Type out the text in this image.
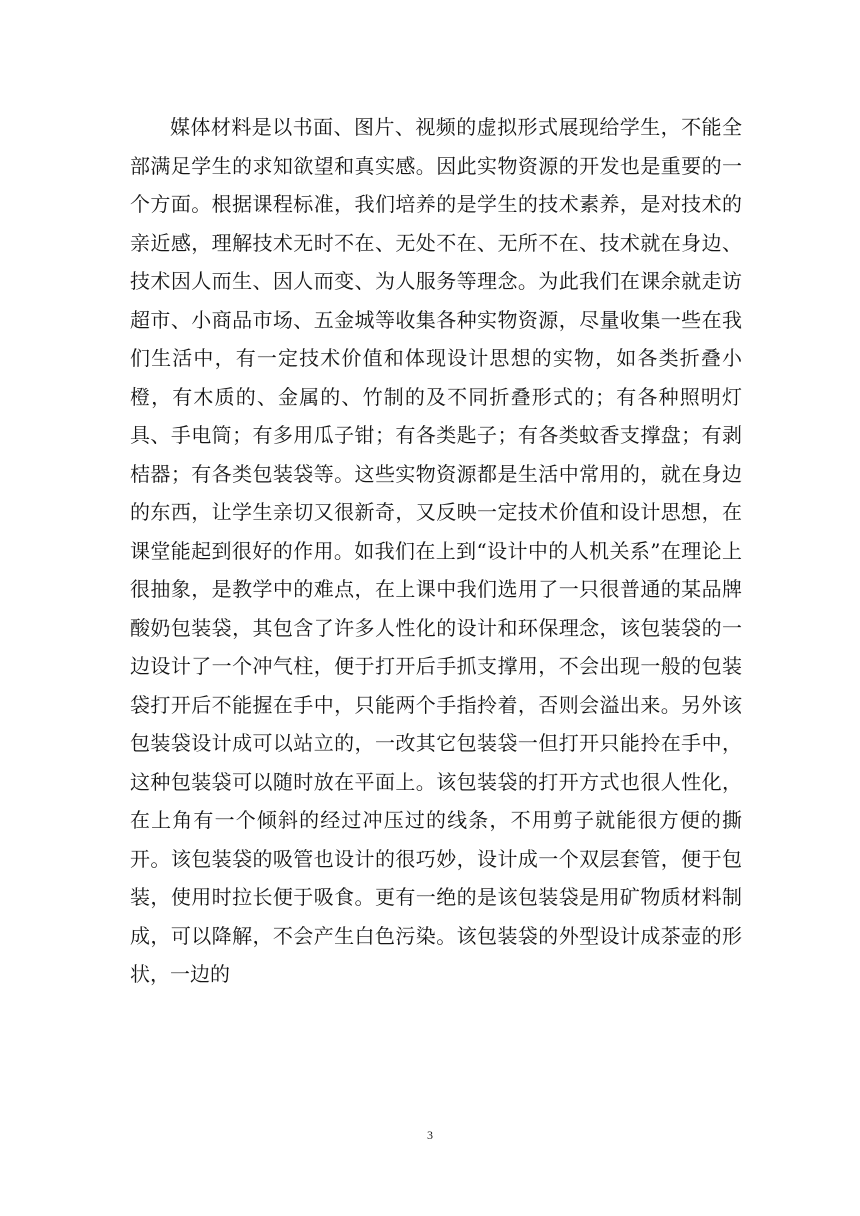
媒体材料是以书面、图片、视频的虚拟形式展现给学生，不能全部满足学生的求知欲望和真实感。因此实物资源的开发也是重要的一个方面。根据课程标准，我们培养的是学生的技术素养，是对技术的亲近感，理解技术无时不在、无处不在、无所不在、技术就在身边、技术因人而生、因人而变、为人服务等理念。为此我们在课余就走访超市、小商品市场、五金城等收集各种实物资源，尽量收集一些在我们生活中，有一定技术价值和体现设计思想的实物，如各类折叠小橙，有木质的、金属的、竹制的及不同折叠形式的；有各种照明灯具、手电筒；有多用瓜子钳；有各类匙子；有各类蚊香支撑盘；有剥桔器；有各类包装袋等。这些实物资源都是生活中常用的，就在身边的东西，让学生亲切又很新奇，又反映一定技术价值和设计思想，在课堂能起到很好的作用。如我们在上到“设计中的人机关系”在理论上很抽象，是教学中的难点，在上课中我们选用了一只很普通的某品牌酸奶包装袋，其包含了许多人性化的设计和环保理念，该包装袋的一边设计了一个冲气柱，便于打开后手抓支撑用，不会出现一般的包装袋打开后不能握在手中，只能两个手指拎着，否则会溢出来。另外该包装袋设计成可以站立的，一改其它包装袋一但打开只能拎在手中，这种包装袋可以随时放在平面上。该包装袋的打开方式也很人性化，在上角有一个倾斜的经过冲压过的线条，不用剪子就能很方便的撕开。该包装袋的吸管也设计的很巧妙，设计成一个双层套管，便于包装，使用时拉长便于吸食。更有一绝的是该包装袋是用矿物质材料制成，可以降解，不会产生白色污染。该包装袋的外型设计成茶壶的形状，一边的

3
